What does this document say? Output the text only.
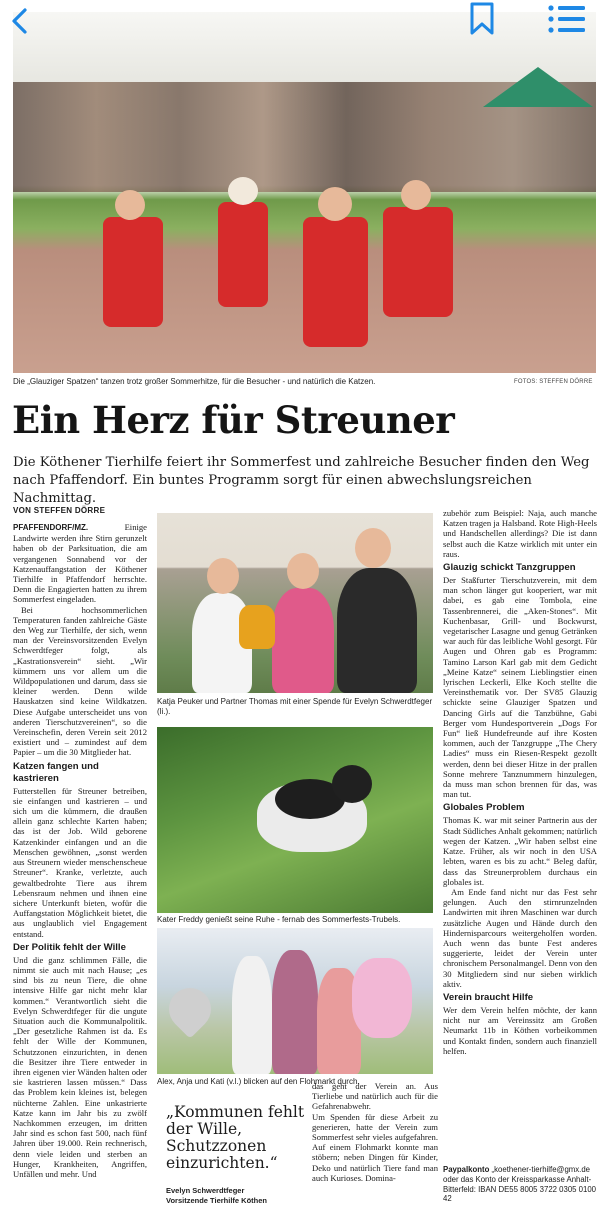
Die „Glauziger Spatzen“ tanzen trotz großer Sommerhitze, für die Besucher - und natürlich die Katzen.	FOTOS: STEFFEN DÖRRE
Ein Herz für Streuner

Die Köthener Tierhilfe feiert ihr Sommerfest und zahlreiche Besucher finden den Weg nach Pfaffendorf. Ein buntes Programm sorgt für einen abwechslungsreichen Nachmittag.

VON STEFFEN DÖRRE

PFAFFENDORF/MZ.	Einige Landwirte werden ihre Stirn gerunzelt haben ob der Parksituation, die am vergangenen Sonnabend vor der Katzenauffangstation der Köthener Tierhilfe in Pfaffendorf herrschte. Denn die Engagierten hatten zu ihrem Sommerfest eingeladen.

Bei hochsommerlichen Temperaturen fanden zahlreiche Gäste den Weg zur Tierhilfe, der sich, wenn man der Vereinsvorsitzenden Evelyn Schwerdtfeger folgt, als „Kastrationsverein“ sieht. „Wir kümmern uns vor allem um die Wildpopulationen und darum, dass sie kleiner werden. Denn wilde Hauskatzen sind keine Wildkatzen. Diese Aufgabe unterscheidet uns von anderen Tierschutzvereinen“, so die Vereinschefin, deren Verein seit 2012 existiert und – zumindest auf dem Papier – um die 30 Mitglieder hat.

Katzen fangen und kastrieren

Futterstellen für Streuner betreiben, sie einfangen und kastrieren – und sich um die kümmern, die draußen allein ganz schlechte Karten haben; das ist der Job. Wild geborene Katzenkinder einfangen und an die Menschen gewöhnen, „sonst werden aus Streunern wieder menschenscheue Streuner“. Kranke, verletzte, auch gewaltbedrohte Tiere aus ihrem Lebensraum nehmen und ihnen eine sichere Unterkunft bieten, wofür die Auffangstation Möglichkeit bietet, die aus unglaublich viel Engagement entstand.

Der Politik fehlt der Wille

Und die ganz schlimmen Fälle, die nimmt sie auch mit nach Hause; „es sind bis zu neun Tiere, die ohne intensive Hilfe gar nicht mehr klar kommen.“ Verantwortlich sieht die Evelyn Schwerdtfeger für die ungute Situation auch die Kommunalpolitik. „Der gesetzliche Rahmen ist da. Es fehlt der Wille der Kommunen, Schutzzonen einzurichten, in denen die Besitzer ihre Tiere entweder in ihren eigenen vier Wänden halten oder sie kastrieren lassen müssen.“ Dass das Problem kein kleines ist, belegen nüchterne Zahlen. Eine unkastrierte Katze kann im Jahr bis zu zwölf Nachkommen erzeugen, im dritten Jahr sind es schon fast 500, nach fünf Jahren über 19.000. Rein rechnerisch, denn viele leiden und sterben an Hunger, Krankheiten, Angriffen, Unfällen und mehr. Und

Katja Peuker und Partner Thomas mit einer Spende für Evelyn Schwerdtfeger (li.).
Kater Freddy genießt seine Ruhe - fernab des Sommerfests-Trubels.
Alex, Anja und Kati (v.l.) blicken auf den Flohmarkt durch.
„Kommunen fehlt der Wille, Schutzzonen einzurichten.“
Evelyn Schwerdtfeger
Vorsitzende Tierhilfe Köthen

das geht der Verein an. Aus Tierliebe und natürlich auch für die Gefahrenabwehr.
Um Spenden für diese Arbeit zu generieren, hatte der Verein zum Sommerfest sehr vieles aufgefahren. Auf einem Flohmarkt konnte man stöbern; neben Dingen für Kinder, Deko und natürlich Tiere fand man auch Kurioses. Domina-

zubehör zum Beispiel: Naja, auch manche Katzen tragen ja Halsband. Rote High-Heels und Handschellen allerdings? Die ist dann selbst auch die Katze wirklich mit unter ein raus.

Glauzig schickt Tanzgruppen

Der Staßfurter Tierschutzverein, mit dem man schon länger gut kooperiert, war mit dabei, es gab eine Tombola, eine Tassenbrennerei, die „Aken-Stones“. Mit Kuchenbasar, Grill- und Bockwurst, vegetarischer Lasagne und genug Getränken war auch für das leibliche Wohl gesorgt. Für Augen und Ohren gab es Programm: Tamino Larson Karl gab mit dem Gedicht „Meine Katze“ seinem Lieblingstier einen lyrischen Leckerli, Elke Koch stellte die Vereinsthematik vor. Der SV85 Glauzig schickte seine Glauziger Spatzen und Dancing Girls auf die Tanzbühne, Gabi Berger vom Hundesportverein „Dogs For Fun“ ließ Hundefreunde auf ihre Kosten kommen, auch der Tanzgruppe „The Chery Ladies“ muss ein Riesen-Respekt gezollt werden, denn bei dieser Hitze in der prallen Sonne mehrere Tanznummern hinzulegen, da muss man schon brennen für das, was man tut.

Globales Problem

Thomas K. war mit seiner Partnerin aus der Stadt Südliches Anhalt gekommen; natürlich wegen der Katzen. „Wir haben selbst eine Katze. Früher, als wir noch in den USA lebten, waren es bis zu acht.“ Beleg dafür, dass das Streunerproblem durchaus ein globales ist.

Am Ende fand nicht nur das Fest sehr gelungen. Auch den stirnrunzelnden Landwirten mit ihren Maschinen war durch zusätzliche Augen und Hände durch den Hindernisparcours weitergeholfen worden. Auch wenn das bunte Fest anderes suggerierte, leidet der Verein unter chronischem Personalmangel. Denn von den 30 Mitgliedern sind nur sieben wirklich aktiv.

Verein braucht Hilfe

Wer dem Verein helfen möchte, der kann nicht nur am Vereinssitz am Großen Neumarkt 11b in Köthen vorbeikommen und Kontakt finden, sondern auch finanziell helfen.

Paypalkonto „koethener-tierhilfe@gmx.de oder das Konto der Kreissparkasse Anhalt-Bitterfeld: IBAN DE55 8005 3722 0305 0100 42
